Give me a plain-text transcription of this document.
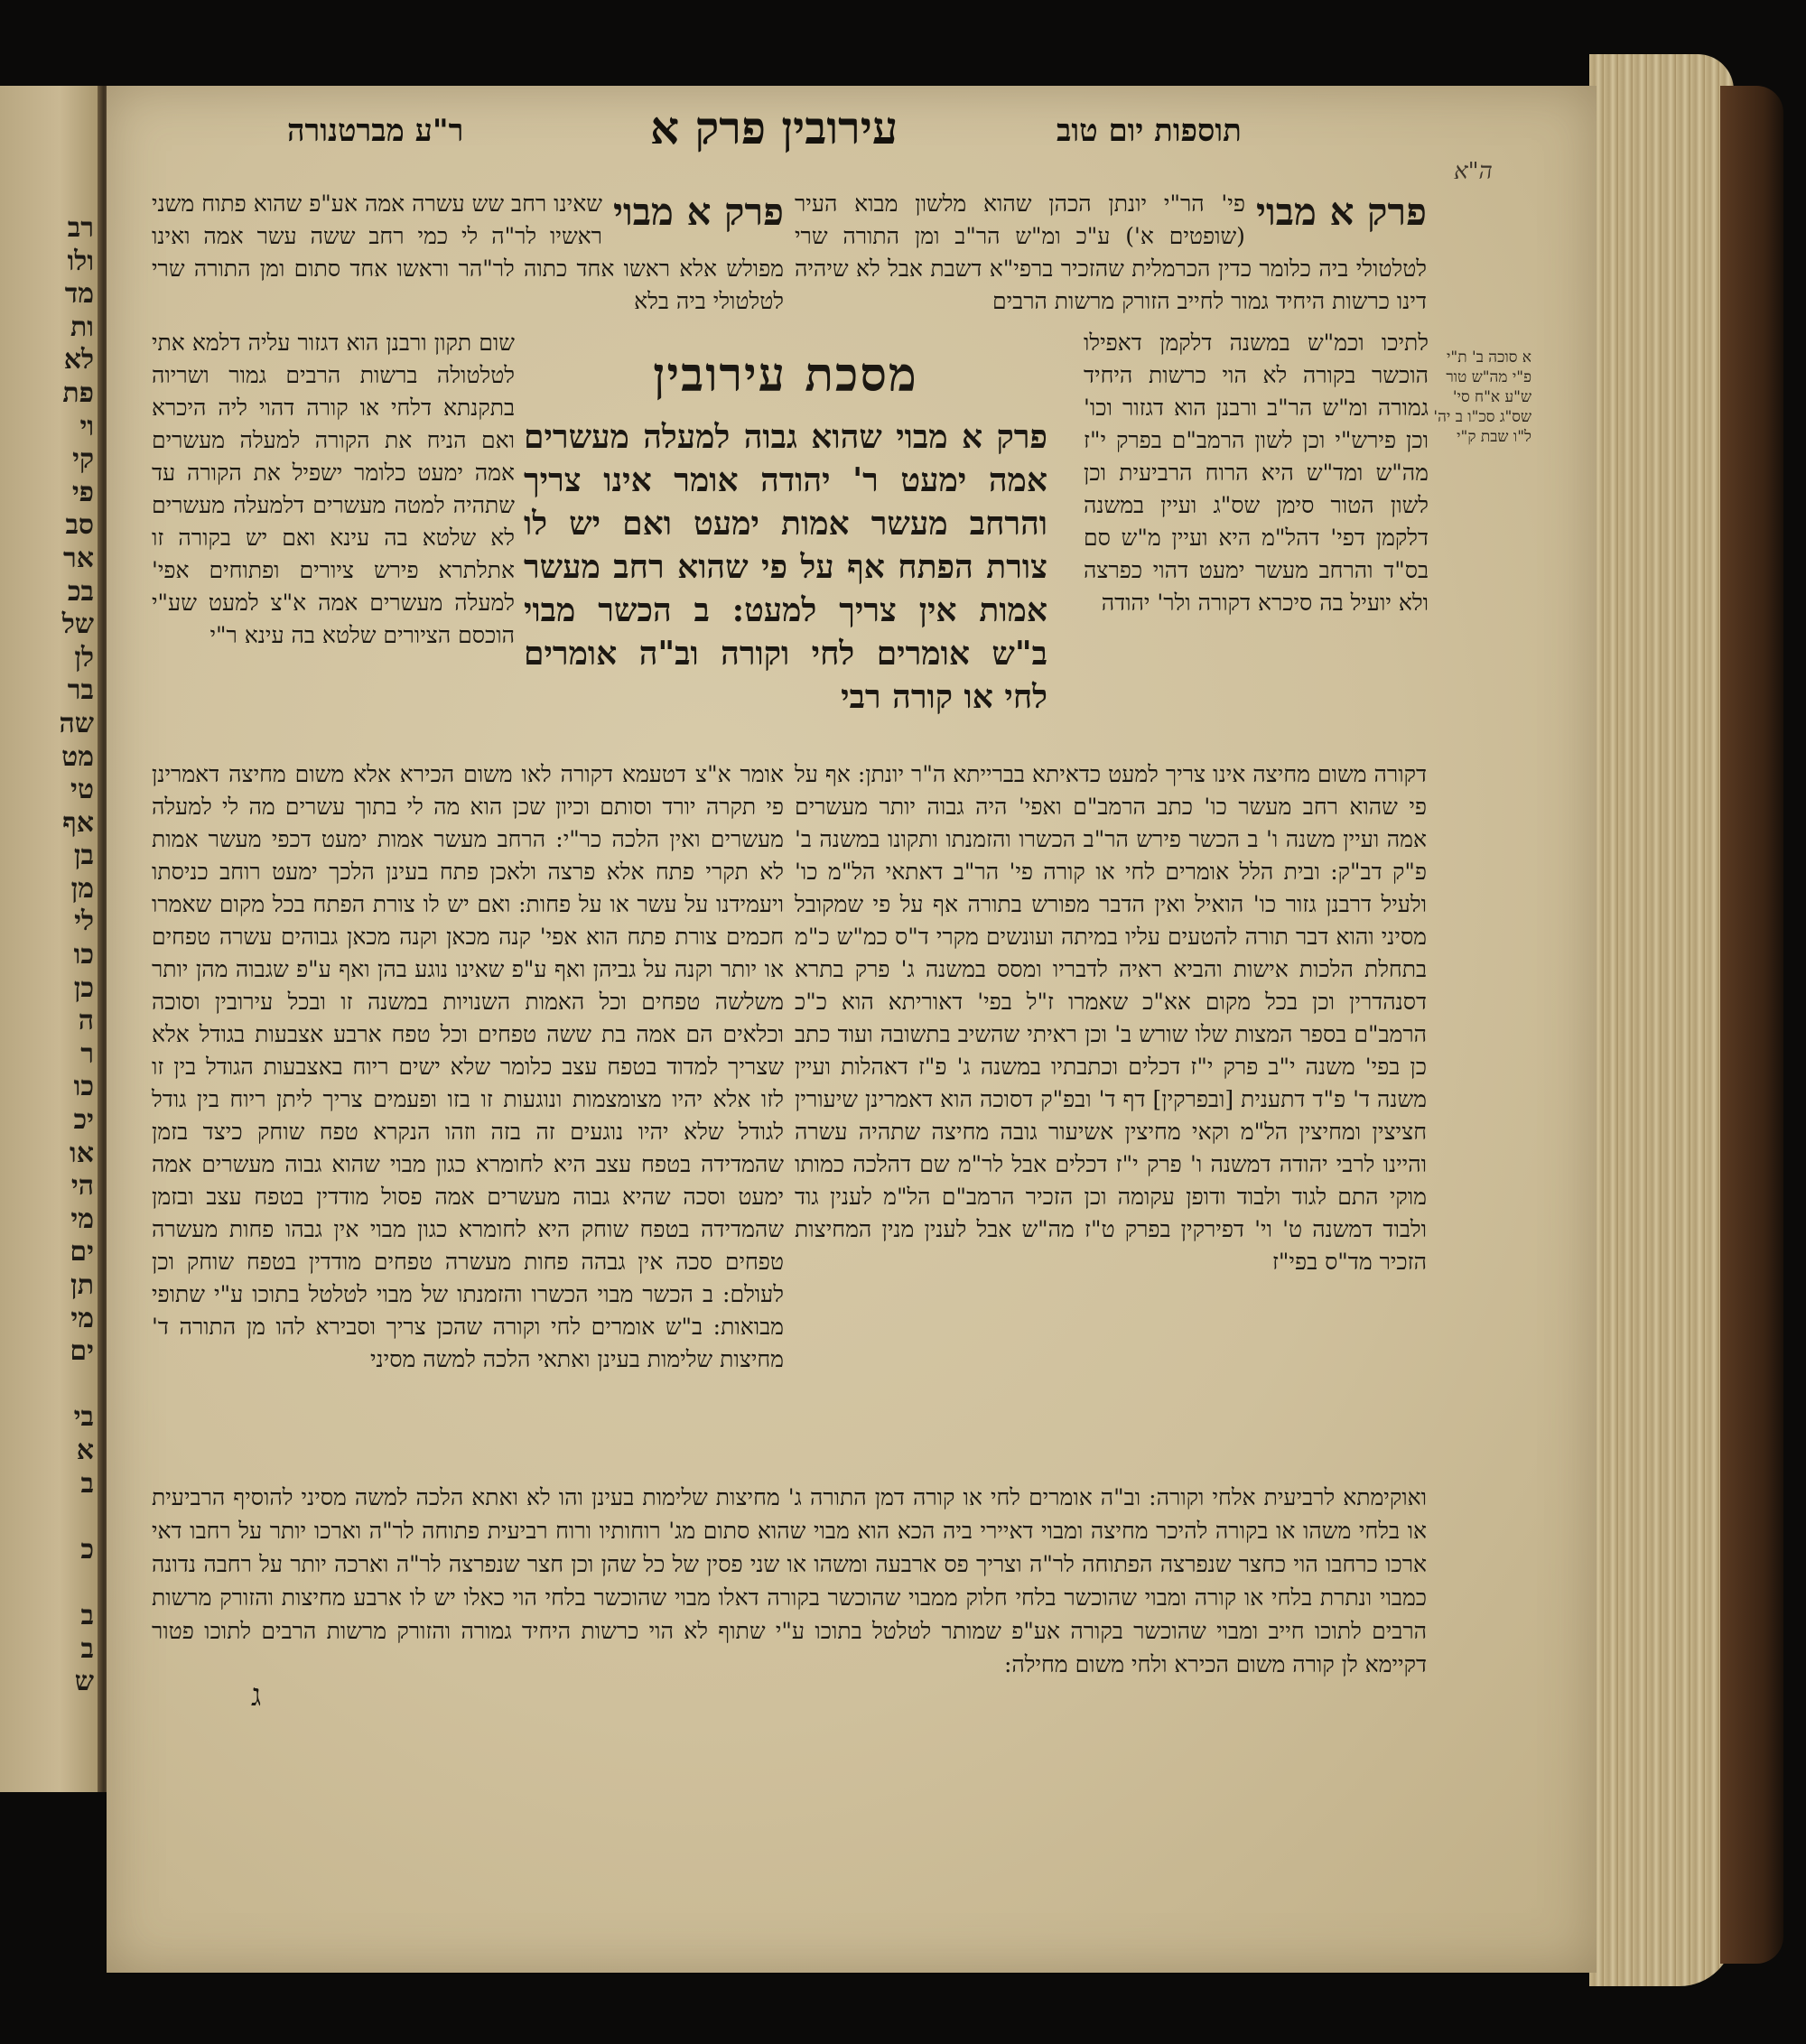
רב
ולו
מד
ות
לא
פת
וי
קי
פי
סב
אר
בכ
של
לן
בר
שה
מט
טי
אף
בן
מן
לי
כו
כן
ה
ר
כו
יכ
או
הי
מי
ים
תן
מי
ים

בי
א
ב

כ

ב
ב
ש
ר"ע מברטנורה	עירובין פרק א	תוספות יום טוב
ה"א
פרק א מבוי
שאינו רחב שש עשרה אמה אע"פ שהוא פתוח משני ראשיו לר"ה לי כמי רחב ששה עשר אמה ואינו מפולש אלא ראשו אחד כתוה לר"הר וראשו אחד סתום ומן התורה שרי לטלטולי ביה בלא
פרק א מבוי
פי' הר"י יונתן הכהן שהוא מלשון מבוא העיר (שופטים א') ע"כ ומ"ש הר"ב ומן התורה שרי לטלטולי ביה כלומר כדין הכרמלית שהזכיר ברפי"א דשבת אבל לא שיהיה דינו כרשות היחיד גמור לחייב הזורק מרשות הרבים
א סוכה ב' ת"י פ"י מה"ש טור ש"ע א"ח סי' שס"ג סכ"ו ב יה' ל"ו שבת ק"י
שום תקון ורבנן הוא דגזור עליה דלמא אתי לטלטולה ברשות הרבים גמור ושריוה בתקנתא דלחי או קורה דהוי ליה היכרא ואם הניח את הקורה למעלה מעשרים אמה ימעט כלומר ישפיל את הקורה עד שתהיה למטה מעשרים דלמעלה מעשרים לא שלטא בה עינא ואם יש בקורה זו אתלתרא פירש ציורים ופתוחים אפי' למעלה מעשרים אמה א"צ למעט שע"י הוכסם הציורים שלטא בה עינא ר"י
מסכת עירובין
פרק א מבוי שהוא גבוה למעלה מעשרים אמה ימעט ר' יהודה אומר אינו צריך והרחב מעשר אמות ימעט ואם יש לו צורת הפתח אף על פי שהוא רחב מעשר אמות אין צריך למעט: ב הכשר מבוי ב"ש אומרים לחי וקורה וב"ה אומרים לחי או קורה רבי
לתיכו וכמ"ש במשנה דלקמן דאפילו הוכשר בקורה לא הוי כרשות היחיד גמורה ומ"ש הר"ב ורבנן הוא דגזור וכו' וכן פירש"י וכן לשון הרמב"ם בפרק י"ז מה"ש ומד"ש היא הרוח הרביעית וכן לשון הטור סימן שס"ג ועיין במשנה דלקמן דפי' דהל"מ היא ועיין מ"ש סם בס"ד והרחב מעשר ימעט דהוי כפרצה ולא יועיל בה סיכרא דקורה ולר' יהודה
אומר א"צ דטעמא דקורה לאו משום הכירא אלא משום מחיצה דאמרינן פי תקרה יורד וסותם וכיון שכן הוא מה לי בתוך עשרים מה לי למעלה מעשרים ואין הלכה כר"י: הרחב מעשר אמות ימעט דכפי מעשר אמות לא תקרי פתח אלא פרצה ולאכן פתח בעינן הלכך ימעט רוחב כניסתו ויעמידנו על עשר או על פחות: ואם יש לו צורת הפתח בכל מקום שאמרו חכמים צורת פתח הוא אפי' קנה מכאן וקנה מכאן גבוהים עשרה טפחים או יותר וקנה על גביהן ואף ע"פ שאינו נוגע בהן ואף ע"פ שגבוה מהן יותר משלשה טפחים וכל האמות השנויות במשנה זו ובכל עירובין וסוכה וכלאים הם אמה בת ששה טפחים וכל טפח ארבע אצבעות בגודל אלא שצריך למדוד בטפח עצב כלומר שלא ישים ריוח באצבעות הגודל בין זו לזו אלא יהיו מצומצמות ונוגעות זו בזו ופעמים צריך ליתן ריוח בין גודל לגודל שלא יהיו נוגעים זה בזה וזהו הנקרא טפח שוחק כיצד בזמן שהמדידה בטפח עצב היא לחומרא כגון מבוי שהוא גבוה מעשרים אמה ימעט וסכה שהיא גבוה מעשרים אמה פסול מודדין בטפח עצב ובזמן שהמדידה בטפח שוחק היא לחומרא כגון מבוי אין גבהו פחות מעשרה טפחים סכה אין גבהה פחות מעשרה טפחים מודדין בטפח שוחק וכן לעולם: ב הכשר מבוי הכשרו והזמנתו של מבוי לטלטל בתוכו ע"י שתופי מבואות: ב"ש אומרים לחי וקורה שהכן צריך וסבירא להו מן התורה ד' מחיצות שלימות בעינן ואתאי הלכה למשה מסיני
דקורה משום מחיצה אינו צריך למעט כדאיתא בברייתא ה"ר יונתן: אף על פי שהוא רחב מעשר כו' כתב הרמב"ם ואפי' היה גבוה יותר מעשרים אמה ועיין משנה ו' ב הכשר פירש הר"ב הכשרו והזמנתו ותקונו במשנה ב' פ"ק דב"ק: ובית הלל אומרים לחי או קורה פי' הר"ב דאתאי הל"מ כו' ולעיל דרבנן גזור כו' הואיל ואין הדבר מפורש בתורה אף על פי שמקובל מסיני והוא דבר תורה להטעים עליו במיתה ועונשים מקרי ד"ס כמ"ש כ"מ בתחלת הלכות אישות והביא ראיה לדבריו ומסס במשנה ג' פרק בתרא דסנהדרין וכן בכל מקום אא"כ שאמרו ז"ל בפי' דאוריתא הוא כ"כ הרמב"ם בספר המצות שלו שורש ב' וכן ראיתי שהשיב בתשובה ועוד כתב כן בפי' משנה י"ב פרק י"ז דכלים וכתבתיו במשנה ג' פ"ז דאהלות ועיין משנה ד' פ"ד דתענית [ובפרקין] דף ד' ובפ"ק דסוכה הוא דאמרינן שיעורין חציצין ומחיצין הל"מ וקאי מחיצין אשיעור גובה מחיצה שתהיה עשרה והיינו לרבי יהודה דמשנה ו' פרק י"ז דכלים אבל לר"מ שם דהלכה כמותו מוקי התם לגוד ולבוד ודופן עקומה וכן הזכיר הרמב"ם הל"מ לענין גוד ולבוד דמשנה ט' וי' דפירקין בפרק ט"ז מה"ש אבל לענין מנין המחיצות הזכיר מד"ס בפי"ז
ואוקימתא לרביעית אלחי וקורה: וב"ה אומרים לחי או קורה דמן התורה ג' מחיצות שלימות בעינן והו לא ואתא הלכה למשה מסיני להוסיף הרביעית או בלחי משהו או בקורה להיכר מחיצה ומבוי דאיירי ביה הכא הוא מבוי שהוא סתום מג' רוחותיו ורוח רביעית פתוחה לר"ה וארכו יותר על רחבו דאי ארכו כרחבו הוי כחצר שנפרצה הפתוחה לר"ה וצריך פס ארבעה ומשהו או שני פסין של כל שהן וכן חצר שנפרצה לר"ה וארכה יותר על רחבה נדונה כמבוי ונתרת בלחי או קורה ומבוי שהוכשר בלחי חלוק ממבוי שהוכשר בקורה דאלו מבוי שהוכשר בלחי הוי כאלו יש לו ארבע מחיצות והזורק מרשות הרבים לתוכו חייב ומבוי שהוכשר בקורה אע"פ שמותר לטלטל בתוכו ע"י שתוף לא הוי כרשות היחיד גמורה והזורק מרשות הרבים לתוכו פטור דקיימא לן קורה משום הכירא ולחי משום מחילה:
ג
